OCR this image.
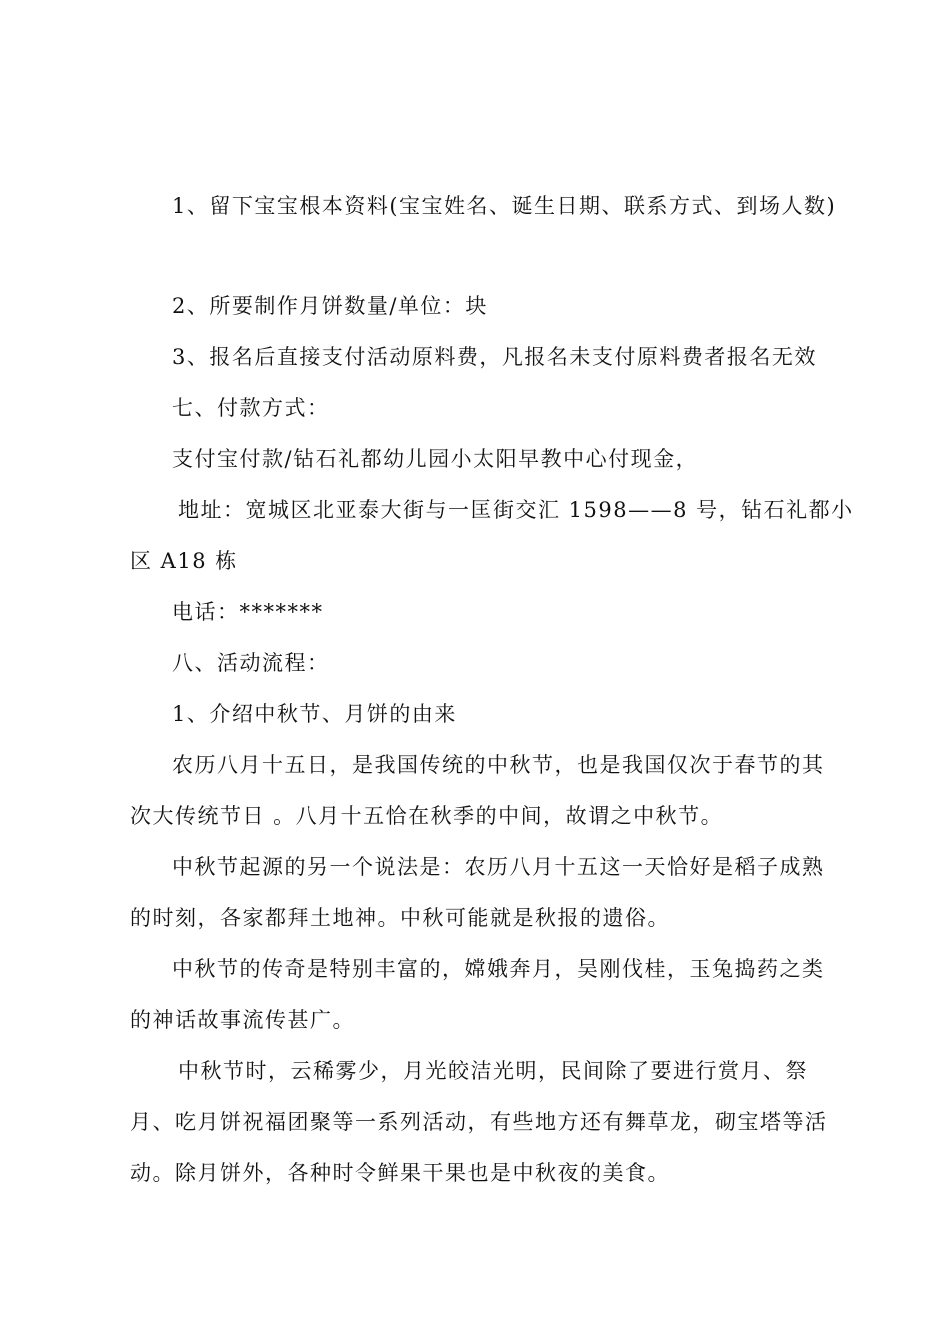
1、留下宝宝根本资料(宝宝姓名、诞生日期、联系方式、到场人数)
2、所要制作月饼数量/单位：块
3、报名后直接支付活动原料费，凡报名未支付原料费者报名无效
七、付款方式：
支付宝付款/钻石礼都幼儿园小太阳早教中心付现金，
地址：宽城区北亚泰大街与一匡街交汇 1598——8 号，钻石礼都小
区 A18 栋
电话：*******
八、活动流程：
1、介绍中秋节、月饼的由来
农历八月十五日，是我国传统的中秋节，也是我国仅次于春节的其
次大传统节日 。八月十五恰在秋季的中间，故谓之中秋节。
中秋节起源的另一个说法是：农历八月十五这一天恰好是稻子成熟
的时刻，各家都拜土地神。中秋可能就是秋报的遗俗。
中秋节的传奇是特别丰富的，嫦娥奔月，吴刚伐桂，玉兔捣药之类
的神话故事流传甚广。
中秋节时，云稀雾少，月光皎洁光明，民间除了要进行赏月、祭
月、吃月饼祝福团聚等一系列活动，有些地方还有舞草龙，砌宝塔等活
动。除月饼外，各种时令鲜果干果也是中秋夜的美食。
